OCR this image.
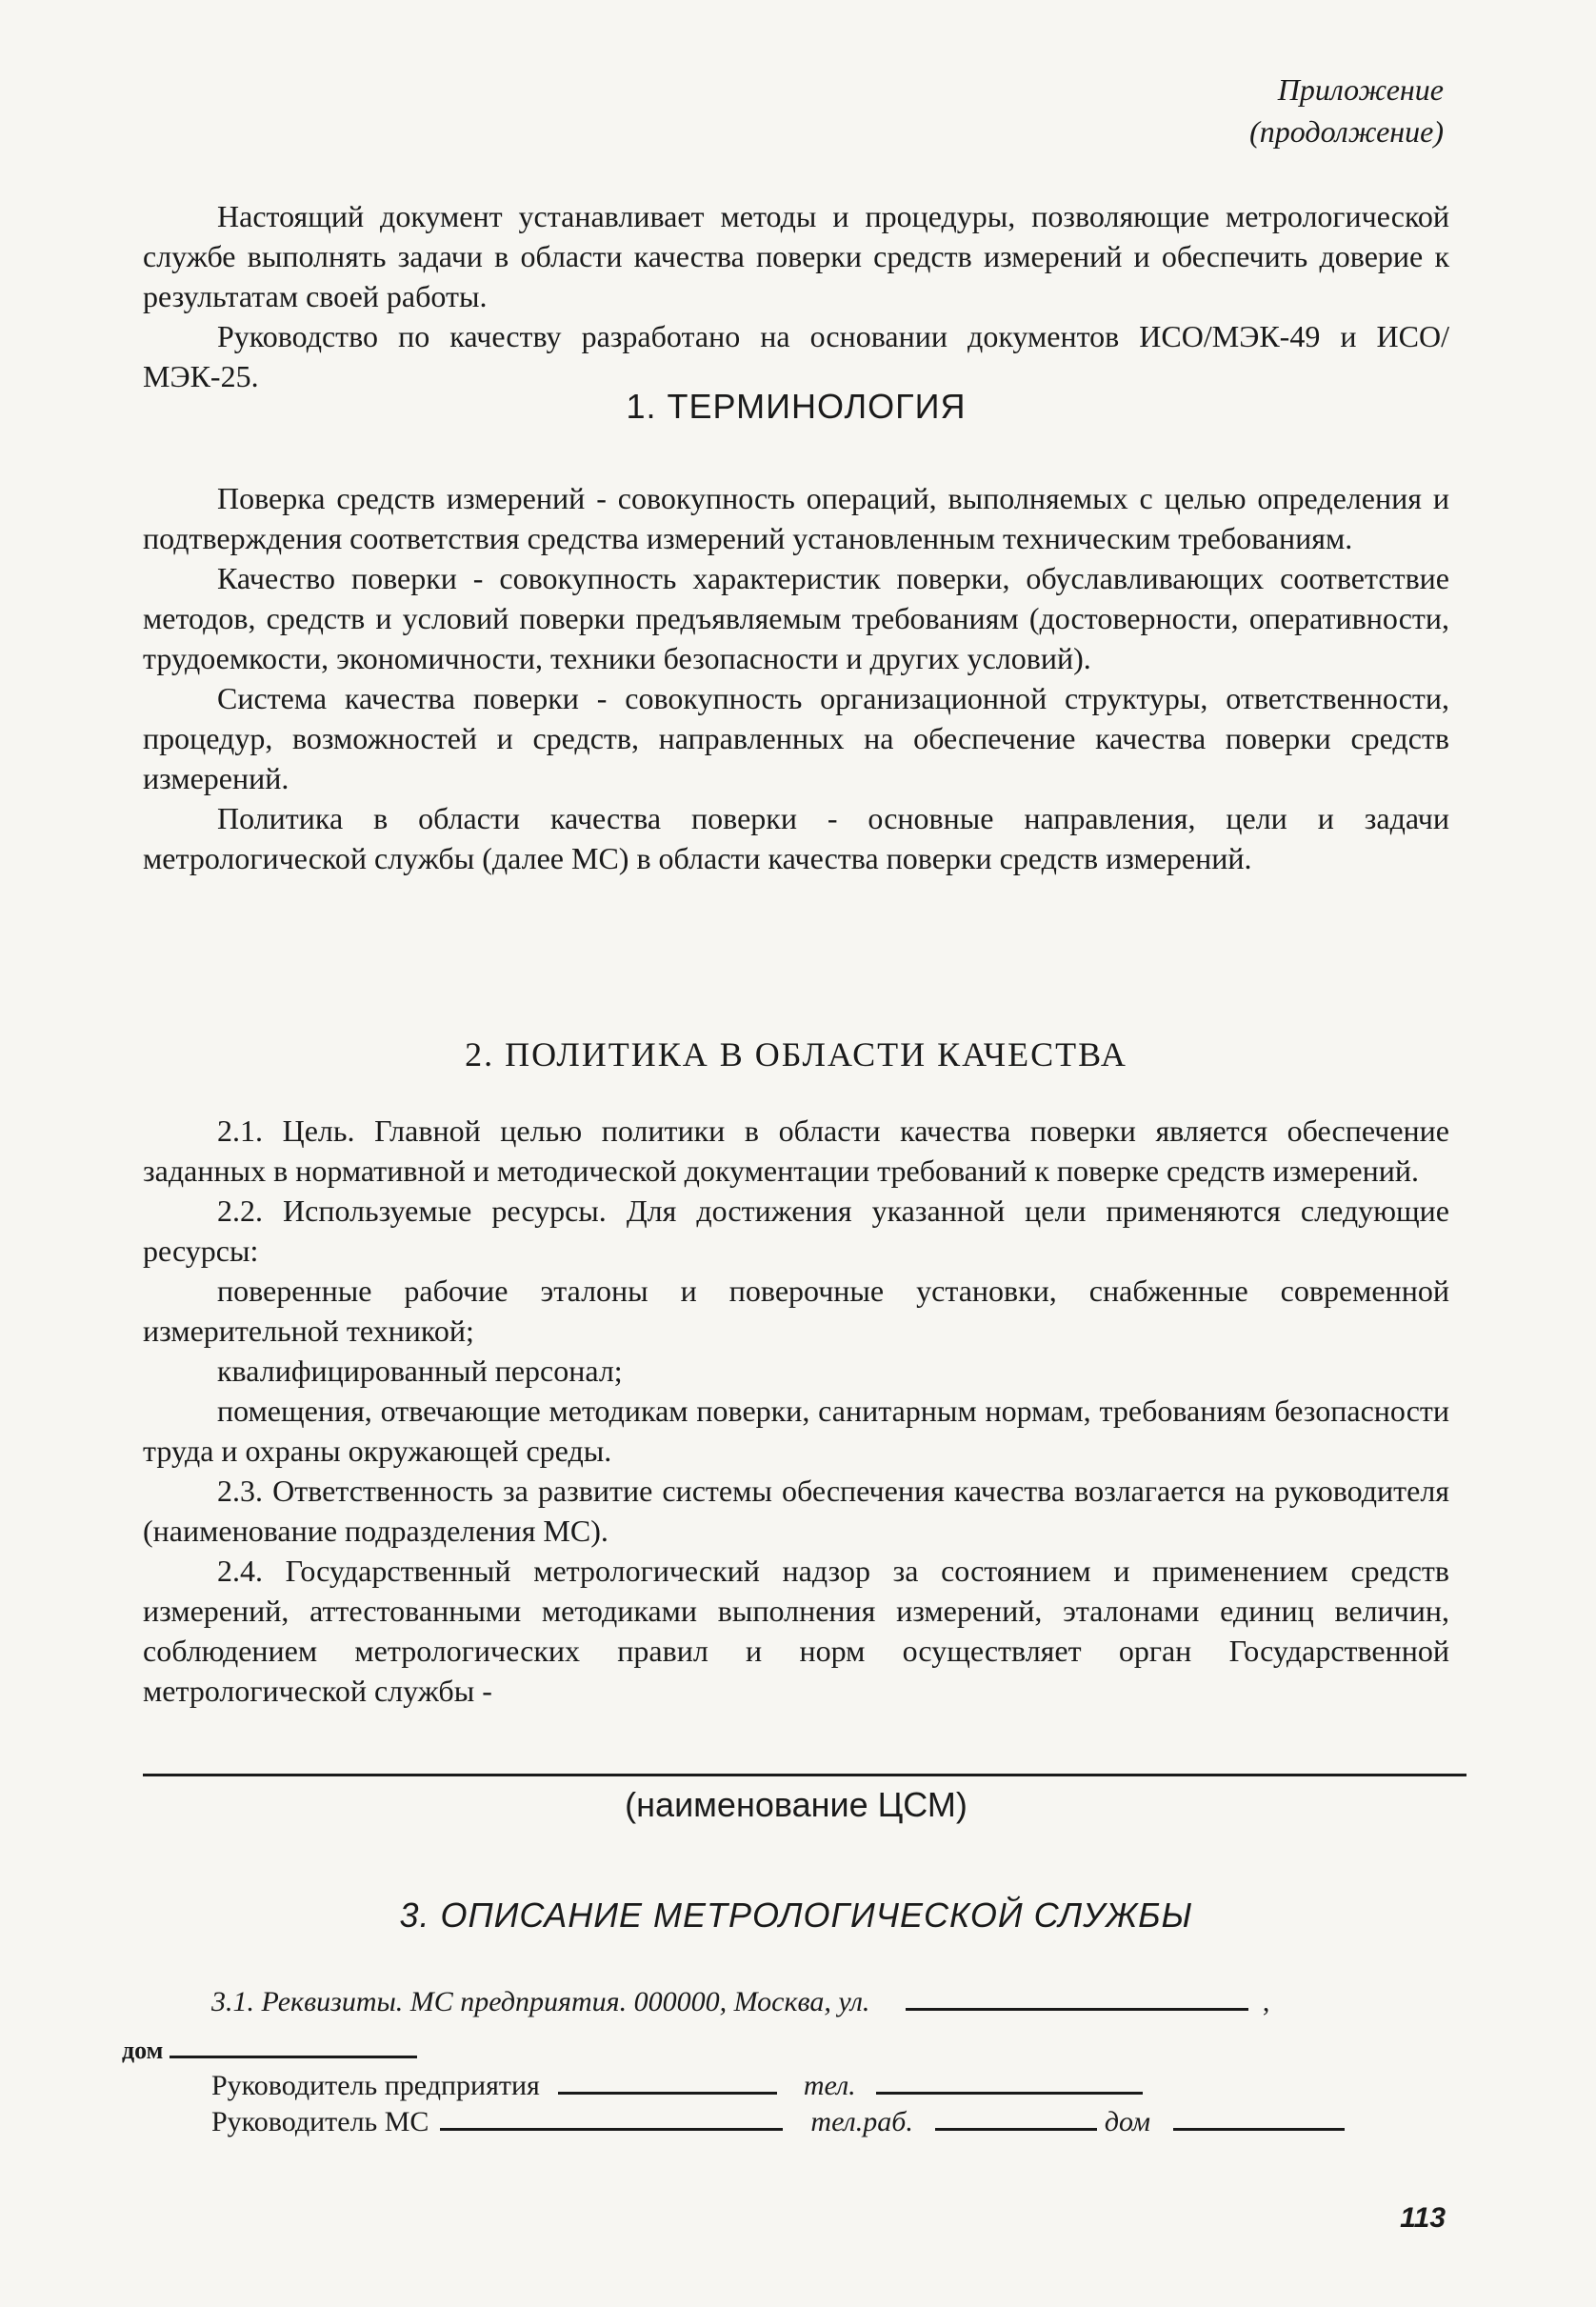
Приложение
(продолжение)

Настоящий документ устанавливает методы и процедуры, позволяющие метрологической службе выполнять задачи в области качества поверки средств измерений и обеспечить доверие к результатам своей работы.

Руководство по качеству разработано на основании документов ИСО/МЭК-49 и ИСО/МЭК-25.

1. ТЕРМИНОЛОГИЯ

Поверка средств измерений - совокупность операций, выполняемых с целью определения и подтверждения соответствия средства измерений установленным техническим требованиям.

Качество поверки - совокупность характеристик поверки, обуславливающих соответствие методов, средств и условий поверки предъявляемым требованиям (достоверности, оперативности, трудоемкости, экономичности, техники безопасности и других условий).

Система качества поверки - совокупность организационной структуры, ответственности, процедур, возможностей и средств, направленных на обеспечение качества поверки средств измерений.

Политика в области качества поверки - основные направления, цели и задачи метрологической службы (далее МС) в области качества поверки средств измерений.

2. ПОЛИТИКА В ОБЛАСТИ КАЧЕСТВА

2.1. Цель. Главной целью политики в области качества поверки является обеспечение заданных в нормативной и методической документации требований к поверке средств измерений.

2.2. Используемые ресурсы. Для достижения указанной цели применяются следующие ресурсы:

поверенные рабочие эталоны и поверочные установки, снабженные современной измерительной техникой;

квалифицированный персонал;

помещения, отвечающие методикам поверки, санитарным нормам, требованиям безопасности труда и охраны окружающей среды.

2.3. Ответственность за развитие системы обеспечения качества возлагается на руководителя (наименование подразделения МС).

2.4. Государственный метрологический надзор за состоянием и применением средств измерений, аттестованными методиками выполнения измерений, эталонами единиц величин, соблюдением метрологических правил и норм осуществляет орган Государственной метрологической службы -

(наименование ЦСМ)
3. ОПИСАНИЕ МЕТРОЛОГИЧЕСКОЙ СЛУЖБЫ
3.1. Реквизиты. МС предприятия. 000000, Москва, ул.	,
дом
Руководитель предприятия	тел.
Руководитель МС	тел.раб.	дом
113
